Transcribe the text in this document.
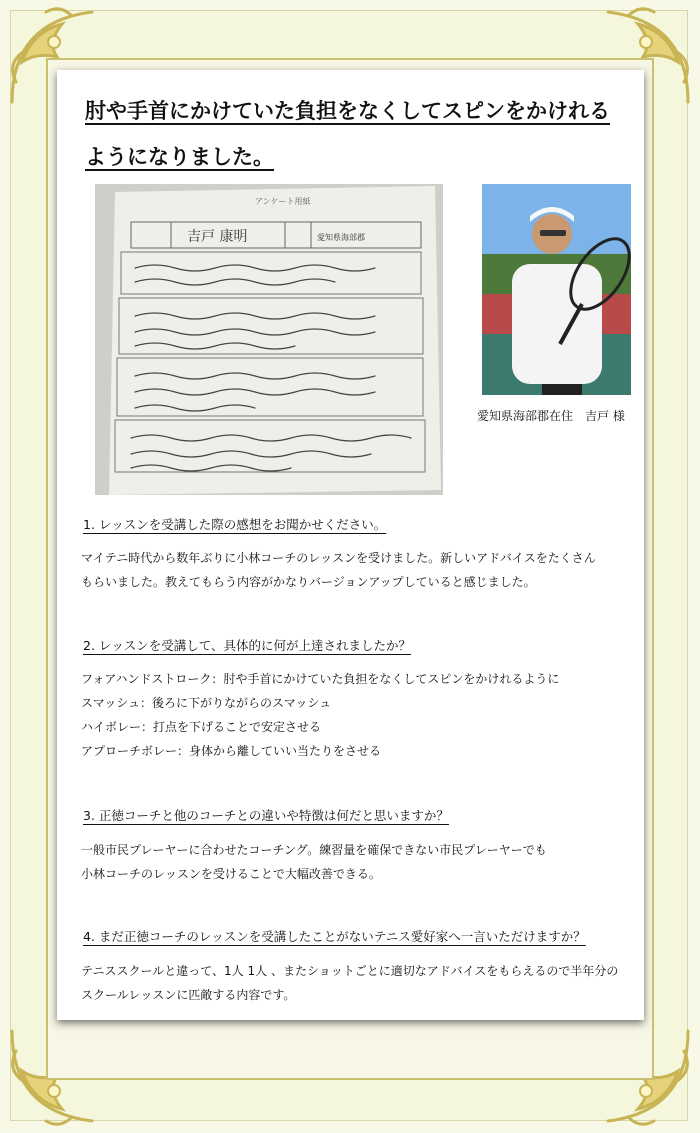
肘や手首にかけていた負担をなくしてスピンをかけれる
ようになりました。
アンケート用紙
吉戸 康明	愛知県海部郡
愛知県海部郡在住　吉戸 様
1. レッスンを受講した際の感想をお聞かせください。

マイテニ時代から数年ぶりに小林コーチのレッスンを受けました。新しいアドバイスをたくさん

もらいました。教えてもらう内容がかなりバージョンアップしていると感じました。

2. レッスンを受講して、具体的に何が上達されましたか？

フォアハンドストローク：肘や手首にかけていた負担をなくしてスピンをかけれるように

スマッシュ：後ろに下がりながらのスマッシュ

ハイボレー：打点を下げることで安定させる

アプローチボレー：身体から離していい当たりをさせる

3. 正徳コーチと他のコーチとの違いや特徴は何だと思いますか？

一般市民プレーヤーに合わせたコーチング。練習量を確保できない市民プレーヤーでも

小林コーチのレッスンを受けることで大幅改善できる。

4. まだ正徳コーチのレッスンを受講したことがないテニス愛好家へ一言いただけますか？

テニススクールと違って、1人 1人 、またショットごとに適切なアドバイスをもらえるので半年分の

スクールレッスンに匹敵する内容です。
